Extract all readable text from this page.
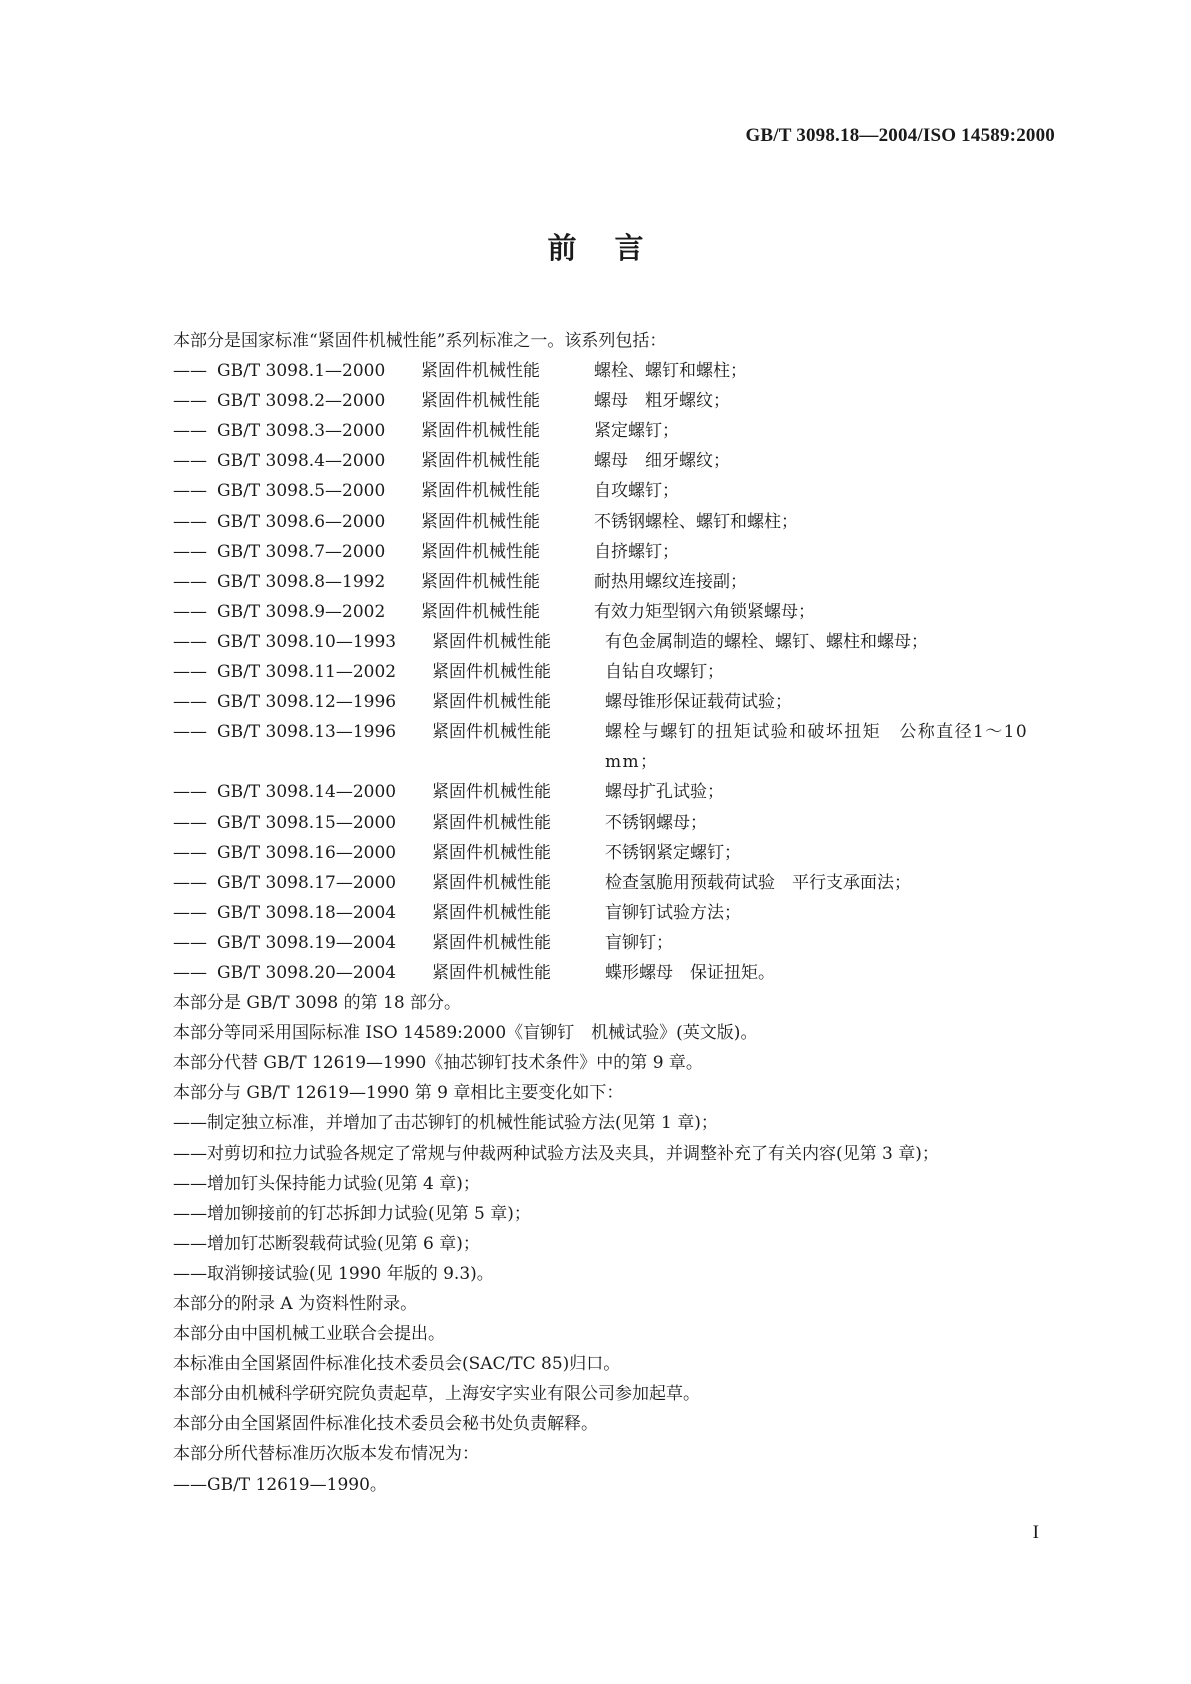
GB/T 3098.18—2004/ISO 14589:2000
前言
本部分是国家标准“紧固件机械性能”系列标准之一。该系列包括：
—— GB/T 3098.1—2000	紧固件机械性能	螺栓、螺钉和螺柱；
—— GB/T 3098.2—2000	紧固件机械性能	螺母　粗牙螺纹；
—— GB/T 3098.3—2000	紧固件机械性能	紧定螺钉；
—— GB/T 3098.4—2000	紧固件机械性能	螺母　细牙螺纹；
—— GB/T 3098.5—2000	紧固件机械性能	自攻螺钉；
—— GB/T 3098.6—2000	紧固件机械性能	不锈钢螺栓、螺钉和螺柱；
—— GB/T 3098.7—2000	紧固件机械性能	自挤螺钉；
—— GB/T 3098.8—1992	紧固件机械性能	耐热用螺纹连接副；
—— GB/T 3098.9—2002	紧固件机械性能	有效力矩型钢六角锁紧螺母；
—— GB/T 3098.10—1993	紧固件机械性能	有色金属制造的螺栓、螺钉、螺柱和螺母；
—— GB/T 3098.11—2002	紧固件机械性能	自钻自攻螺钉；
—— GB/T 3098.12—1996	紧固件机械性能	螺母锥形保证载荷试验；
—— GB/T 3098.13—1996	紧固件机械性能	螺栓与螺钉的扭矩试验和破坏扭矩　公称直径1～10 mm；
—— GB/T 3098.14—2000	紧固件机械性能	螺母扩孔试验；
—— GB/T 3098.15—2000	紧固件机械性能	不锈钢螺母；
—— GB/T 3098.16—2000	紧固件机械性能	不锈钢紧定螺钉；
—— GB/T 3098.17—2000	紧固件机械性能	检查氢脆用预载荷试验　平行支承面法；
—— GB/T 3098.18—2004	紧固件机械性能	盲铆钉试验方法；
—— GB/T 3098.19—2004	紧固件机械性能	盲铆钉；
—— GB/T 3098.20—2004	紧固件机械性能	蝶形螺母　保证扭矩。
本部分是 GB/T 3098 的第 18 部分。
本部分等同采用国际标准 ISO 14589:2000《盲铆钉　机械试验》(英文版)。
本部分代替 GB/T 12619—1990《抽芯铆钉技术条件》中的第 9 章。
本部分与 GB/T 12619—1990 第 9 章相比主要变化如下：
——制定独立标准，并增加了击芯铆钉的机械性能试验方法(见第 1 章)；
——对剪切和拉力试验各规定了常规与仲裁两种试验方法及夹具，并调整补充了有关内容(见第 3 章)；
——增加钉头保持能力试验(见第 4 章)；
——增加铆接前的钉芯拆卸力试验(见第 5 章)；
——增加钉芯断裂载荷试验(见第 6 章)；
——取消铆接试验(见 1990 年版的 9.3)。
本部分的附录 A 为资料性附录。
本部分由中国机械工业联合会提出。
本标准由全国紧固件标准化技术委员会(SAC/TC 85)归口。
本部分由机械科学研究院负责起草，上海安字实业有限公司参加起草。
本部分由全国紧固件标准化技术委员会秘书处负责解释。
本部分所代替标准历次版本发布情况为：
——GB/T 12619—1990。
I
